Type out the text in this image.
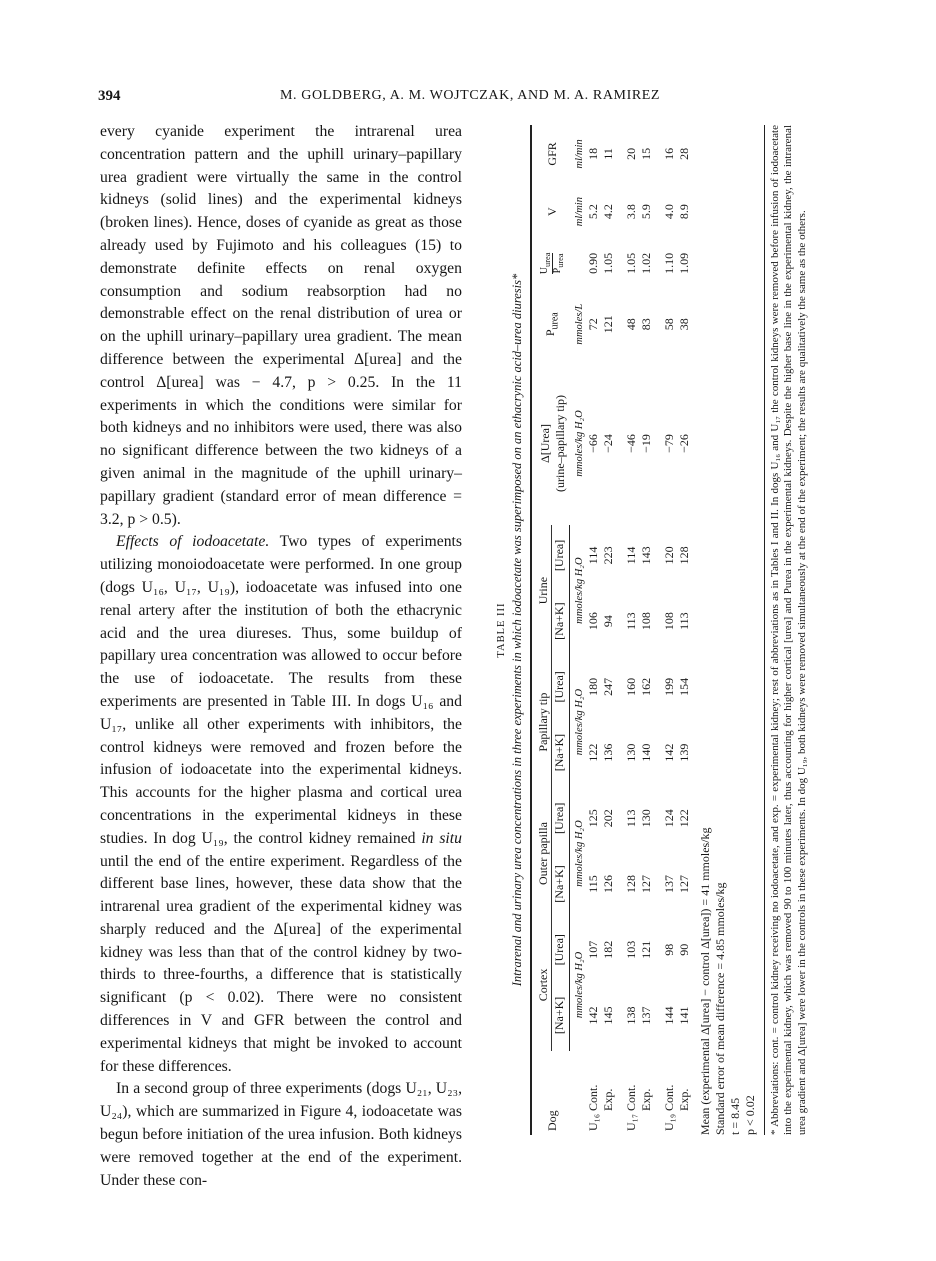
394	M. GOLDBERG, A. M. WOJTCZAK, AND M. A. RAMIREZ

every cyanide experiment the intrarenal urea concentration pattern and the uphill urinary–papillary urea gradient were virtually the same in the control kidneys (solid lines) and the experimental kidneys (broken lines). Hence, doses of cyanide as great as those already used by Fujimoto and his colleagues (15) to demonstrate definite effects on renal oxygen consumption and sodium reabsorption had no demonstrable effect on the renal distribution of urea or on the uphill urinary–papillary urea gradient. The mean difference between the experimental Δ[urea] and the control Δ[urea] was − 4.7, p > 0.25. In the 11 experiments in which the conditions were similar for both kidneys and no inhibitors were used, there was also no significant difference between the two kidneys of a given animal in the magnitude of the uphill urinary–papillary gradient (standard error of mean difference = 3.2, p > 0.5).

Effects of iodoacetate. Two types of experiments utilizing monoiodoacetate were performed. In one group (dogs U₁₆, U₁₇, U₁₉), iodoacetate was infused into one renal artery after the institution of both the ethacrynic acid and the urea diureses. Thus, some buildup of papillary urea concentration was allowed to occur before the use of iodoacetate. The results from these experiments are presented in Table III. In dogs U₁₆ and U₁₇, unlike all other experiments with inhibitors, the control kidneys were removed and frozen before the infusion of iodoacetate into the experimental kidneys. This accounts for the higher plasma and cortical urea concentrations in the experimental kidneys in these studies. In dog U₁₉, the control kidney remained in situ until the end of the entire experiment. Regardless of the different base lines, however, these data show that the intrarenal urea gradient of the experimental kidney was sharply reduced and the Δ[urea] of the experimental kidney was less than that of the control kidney by two-thirds to three-fourths, a difference that is statistically significant (p < 0.02). There were no consistent differences in V and GFR between the control and experimental kidneys that might be invoked to account for these differences.

In a second group of three experiments (dogs U₂₁, U₂₃, U₂₄), which are summarized in Figure 4, iodoacetate was begun before initiation of the urea infusion. Both kidneys were removed together at the end of the experiment. Under these con-

TABLE III Intrarenal and urinary urea concentrations in three experiments in which iodoacetate was superimposed on an ethacrynic acid–urea diuresis*
Dog	Cortex		Outer papilla		Papillary tip		Urine		Δ[Urea]
(urine–papillary tip)	$P_{urea}$	$U_{urea}$
$P_{urea}$	V	GFR
	[Na+K]	[Urea]	[Na+K]	[Urea]	[Na+K]	[Urea]	[Na+K]	[Urea]					
	mmoles/kg H₂O		mmoles/kg H₂O		mmoles/kg H₂O		mmoles/kg H₂O		mmoles/kg H₂O	mmoles/L		ml/min	ml/min
U₁₆ Cont.	142	107	115	125	122	180	106	114	−66	72	0.90	5.2	18
Exp.	145	182	126	202	136	247	94	223	−24	121	1.05	4.2	11
U₁₇ Cont.	138	103	128	113	130	160	113	114	−46	48	1.05	3.8	20
Exp.	137	121	127	130	140	162	108	143	−19	83	1.02	5.9	15
U₁₉ Cont.	144	98	137	124	142	199	108	120	−79	58	1.10	4.0	16
Exp.	141	90	127	122	139	154	113	128	−26	38	1.09	8.9	28
Mean (experimental Δ[urea] − control Δ[urea]) = 41 mmoles/kg Standard error of mean difference = 4.85 mmoles/kg t = 8.45 p < 0.02	* Abbreviations: cont. = control kidney receiving no iodoacetate, and exp. = experimental kidney; rest of abbreviations as in Tables I and II. In dogs U₁₆ and U₁₇ the control kidneys were removed before infusion of iodoacetate into the experimental kidney, which was removed 90 to 100 minutes later, thus accounting for higher cortical [urea] and Purea in the experimental kidneys. Despite the higher base line in the experimental kidney, the intrarenal urea gradient and Δ[urea] were lower in the controls in these experiments. In dog U₁₉, both kidneys were removed simultaneously at the end of the experiment; the results are qualitatively the same as the others.
